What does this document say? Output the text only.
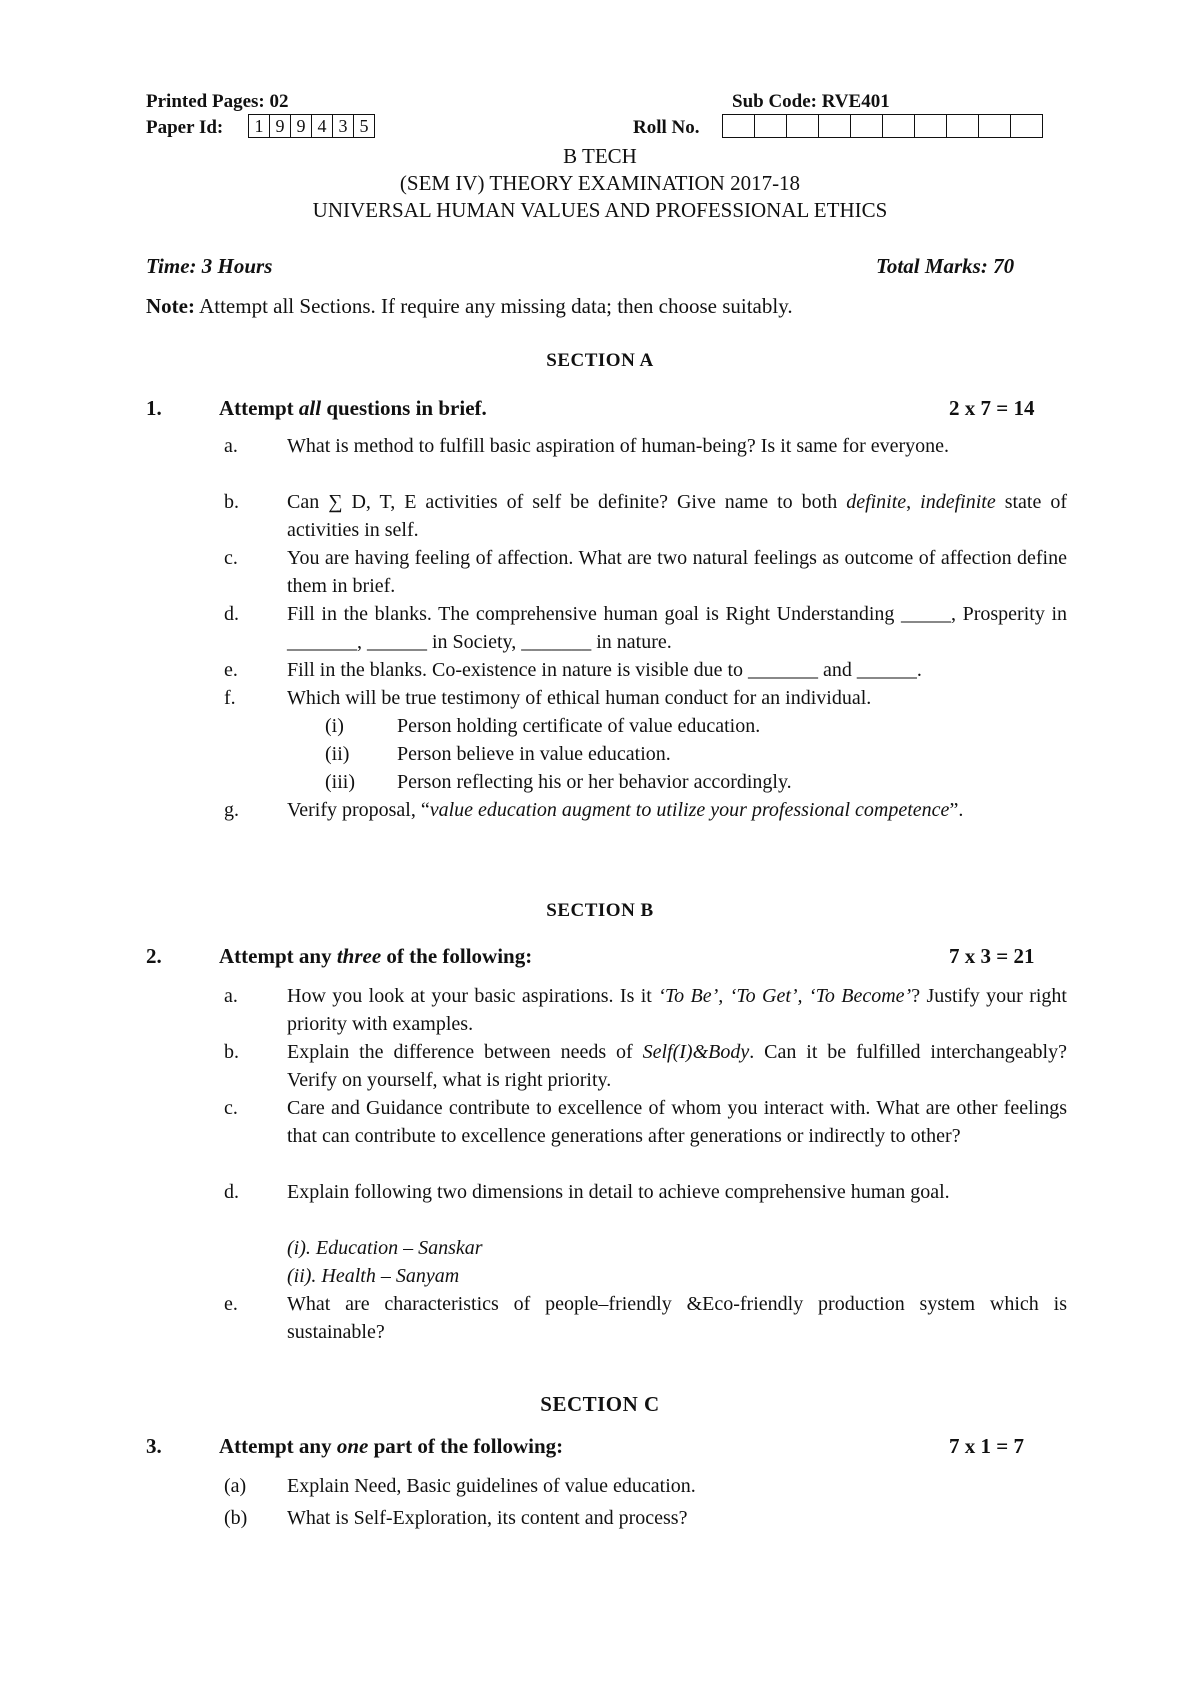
Printed Pages: 02	Sub Code: RVE401
Paper Id:	1 9 9 4 3 5	Roll No.
B TECH
(SEM IV) THEORY EXAMINATION 2017-18
UNIVERSAL HUMAN VALUES AND PROFESSIONAL ETHICS
Time: 3 Hours	Total Marks: 70
Note: Attempt all Sections. If require any missing data; then choose suitably.
SECTION A
1.	Attempt all questions in brief.	2 x 7 = 14
a. What is method to fulfill basic aspiration of human-being? Is it same for everyone.
b. Can ∑ D, T, E activities of self be definite? Give name to both definite, indefinite state of activities in self.
c. You are having feeling of affection. What are two natural feelings as outcome of affection define them in brief.
d. Fill in the blanks. The comprehensive human goal is Right Understanding _____, Prosperity in _______, ______ in Society, _______ in nature.
e. Fill in the blanks. Co-existence in nature is visible due to _______ and ______.
f.	Which will be true testimony of ethical human conduct for an individual.
(i)	Person holding certificate of value education.
(ii) Person believe in value education.
(iii) Person reflecting his or her behavior accordingly.
g. Verify proposal, “value education augment to utilize your professional competence”.
SECTION B
2.	Attempt any three of the following:	7 x 3 = 21
a. How you look at your basic aspirations. Is it ‘To Be’, ‘To Get’, ‘To Become’? Justify your right priority with examples.
b. Explain the difference between needs of Self(I)&Body. Can it be fulfilled interchangeably? Verify on yourself, what is right priority.
c. Care and Guidance contribute to excellence of whom you interact with. What are other feelings that can contribute to excellence generations after generations or indirectly to other?
d. Explain following two dimensions in detail to achieve comprehensive human goal.
(i). Education – Sanskar
(ii). Health – Sanyam
e. What are characteristics of people–friendly &Eco-friendly production system which is sustainable?
SECTION C
3.	Attempt any one part of the following:	7 x 1 = 7
(a) Explain Need, Basic guidelines of value education.
(b) What is Self-Exploration, its content and process?
